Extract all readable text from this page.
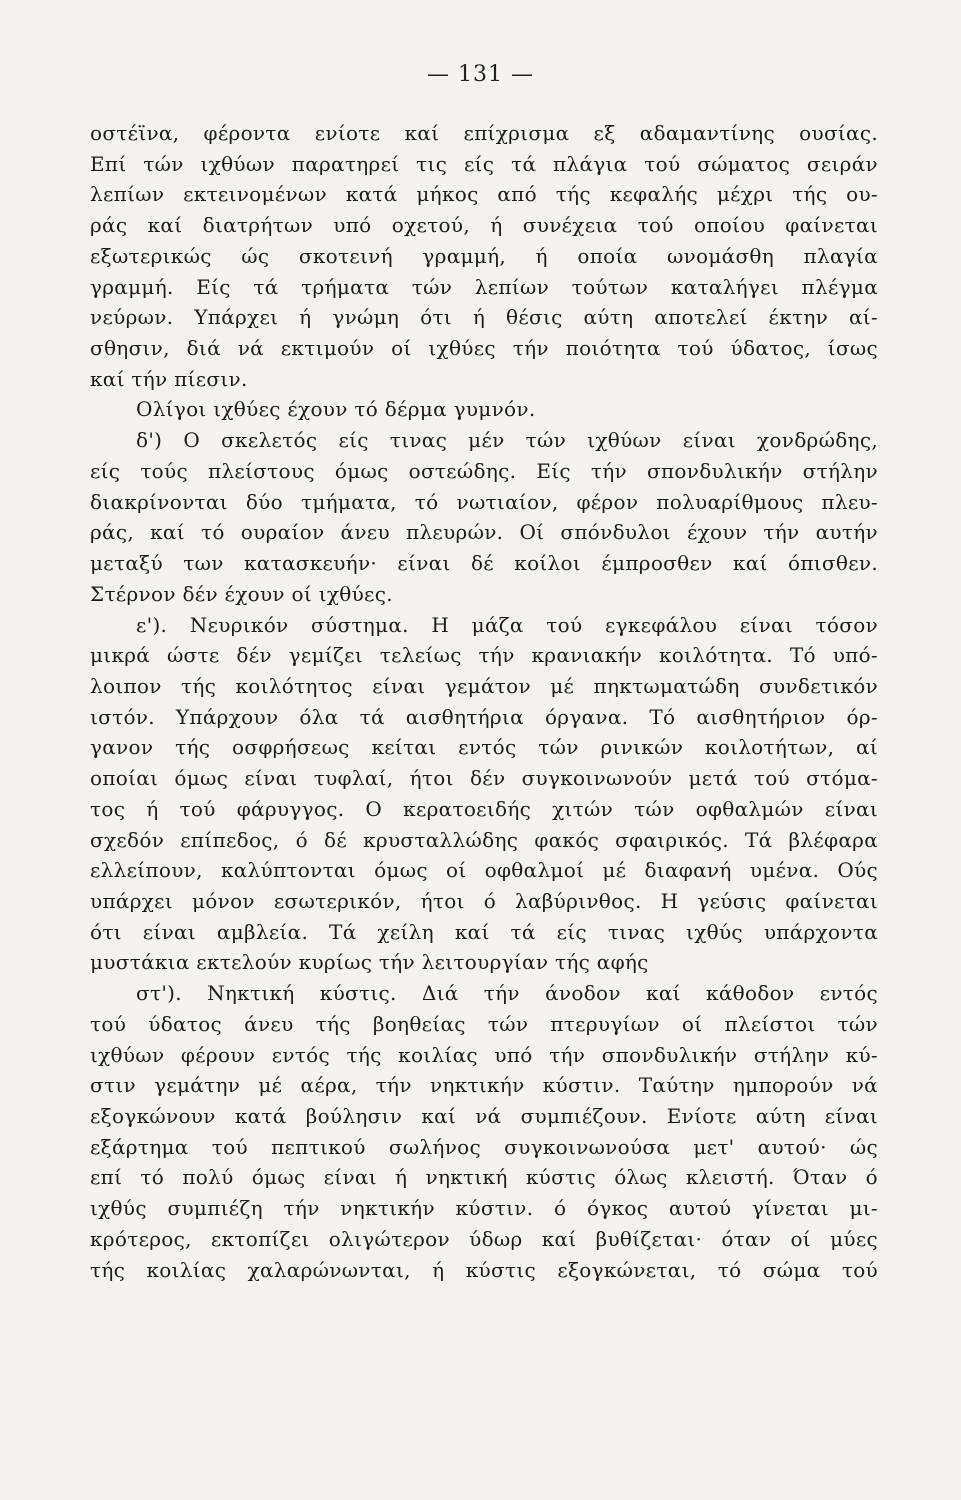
— 131 —
οστέϊνα, φέροντα ενίοτε καί επίχρισμα εξ αδαμαντίνης ουσίας.
Επί τών ιχθύων παρατηρεί τις είς τά πλάγια τού σώματος σειράν
λεπίων εκτεινομένων κατά μήκος από τής κεφαλής μέχρι τής ου-
ράς καί διατρήτων υπό οχετού, ή συνέχεια τού οποίου φαίνεται
εξωτερικώς ώς σκοτεινή γραμμή, ή οποία ωνομάσθη πλαγία
γραμμή. Είς τά τρήματα τών λεπίων τούτων καταλήγει πλέγμα
νεύρων. Υπάρχει ή γνώμη ότι ή θέσις αύτη αποτελεί έκτην αί-
σθησιν, διά νά εκτιμούν οί ιχθύες τήν ποιότητα τού ύδατος, ίσως
καί τήν πίεσιν.
Ολίγοι ιχθύες έχουν τό δέρμα γυμνόν.
δ') Ο σκελετός είς τινας μέν τών ιχθύων είναι χονδρώδης,
είς τούς πλείστους όμως οστεώδης. Είς τήν σπονδυλικήν στήλην
διακρίνονται δύο τμήματα, τό νωτιαίον, φέρον πολυαρίθμους πλευ-
ράς, καί τό ουραίον άνευ πλευρών. Οί σπόνδυλοι έχουν τήν αυτήν
μεταξύ των κατασκευήν· είναι δέ κοίλοι έμπροσθεν καί όπισθεν.
Στέρνον δέν έχουν οί ιχθύες.
ε'). Νευρικόν σύστημα. Η μάζα τού εγκεφάλου είναι τόσον
μικρά ώστε δέν γεμίζει τελείως τήν κρανιακήν κοιλότητα. Τό υπό-
λοιπον τής κοιλότητος είναι γεμάτον μέ πηκτωματώδη συνδετικόν
ιστόν. Υπάρχουν όλα τά αισθητήρια όργανα. Τό αισθητήριον όρ-
γανον τής οσφρήσεως κείται εντός τών ρινικών κοιλοτήτων, αί
οποίαι όμως είναι τυφλαί, ήτοι δέν συγκοινωνούν μετά τού στόμα-
τος ή τού φάρυγγος. Ο κερατοειδής χιτών τών οφθαλμών είναι
σχεδόν επίπεδος, ό δέ κρυσταλλώδης φακός σφαιρικός. Τά βλέφαρα
ελλείπουν, καλύπτονται όμως οί οφθαλμοί μέ διαφανή υμένα. Ούς
υπάρχει μόνον εσωτερικόν, ήτοι ό λαβύρινθος. Η γεύσις φαίνεται
ότι είναι αμβλεία. Τά χείλη καί τά είς τινας ιχθύς υπάρχοντα
μυστάκια εκτελούν κυρίως τήν λειτουργίαν τής αφής
στ'). Νηκτική κύστις. Διά τήν άνοδον καί κάθοδον εντός
τού ύδατος άνευ τής βοηθείας τών πτερυγίων οί πλείστοι τών
ιχθύων φέρουν εντός τής κοιλίας υπό τήν σπονδυλικήν στήλην κύ-
στιν γεμάτην μέ αέρα, τήν νηκτικήν κύστιν. Ταύτην ημπορούν νά
εξογκώνουν κατά βούλησιν καί νά συμπιέζουν. Ενίοτε αύτη είναι
εξάρτημα τού πεπτικού σωλήνος συγκοινωνούσα μετ' αυτού· ώς
επί τό πολύ όμως είναι ή νηκτική κύστις όλως κλειστή. Όταν ό
ιχθύς συμπιέζη τήν νηκτικήν κύστιν. ό όγκος αυτού γίνεται μι-
κρότερος, εκτοπίζει ολιγώτερον ύδωρ καί βυθίζεται· όταν οί μύες
τής κοιλίας χαλαρώνωνται, ή κύστις εξογκώνεται, τό σώμα τού
